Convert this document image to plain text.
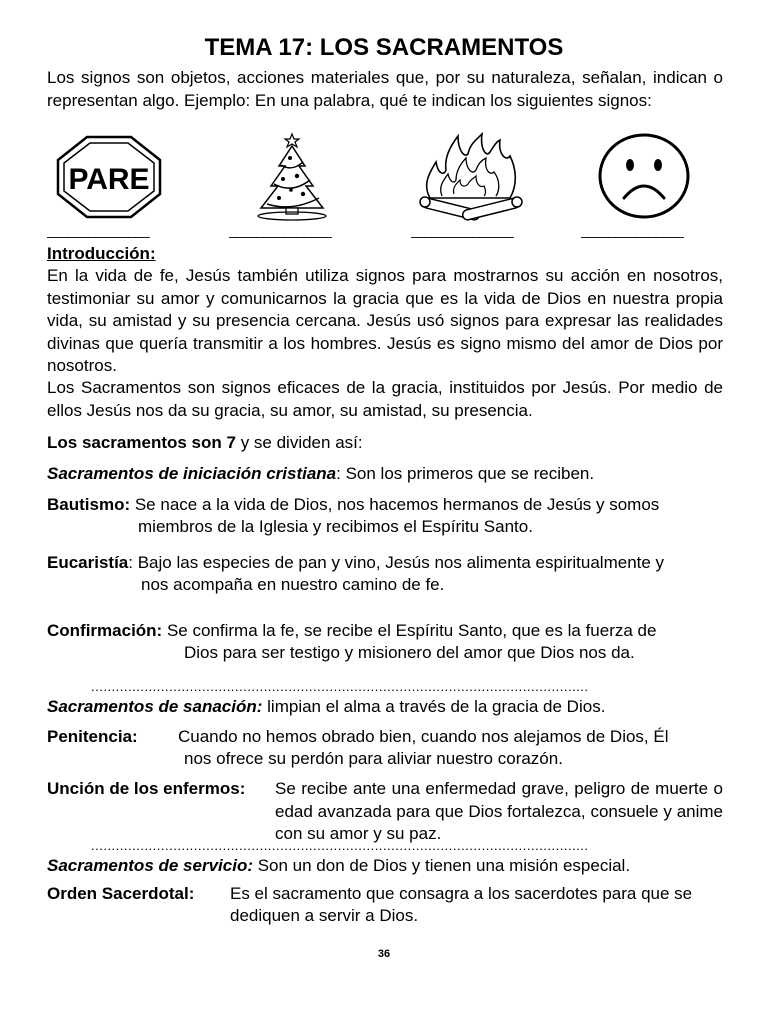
TEMA 17: LOS SACRAMENTOS
Los signos son objetos, acciones materiales que, por su naturaleza, señalan, indican o representan algo. Ejemplo: En una palabra, qué te indican los siguientes signos:
PARE
_______________	_______________	_______________	_______________
Introducción:
En la vida de fe, Jesús también utiliza signos para mostrarnos su acción en nosotros, testimoniar su amor y comunicarnos la gracia que es la vida de Dios en nuestra propia vida, su amistad y su presencia cercana. Jesús usó signos para expresar las realidades divinas que quería transmitir a los hombres. Jesús es signo mismo del amor de Dios por nosotros.
Los Sacramentos son signos eficaces de la gracia, instituidos por Jesús. Por medio de ellos Jesús nos da su gracia, su amor, su amistad, su presencia.
Los sacramentos son 7 y se dividen así:
Sacramentos de iniciación cristiana: Son los primeros que se reciben.
Bautismo: Se nace a la vida de Dios, nos hacemos hermanos de Jesús y somos
miembros de la Iglesia y recibimos el Espíritu Santo.
Eucaristía: Bajo las especies de pan y vino, Jesús nos alimenta espiritualmente y
nos acompaña en nuestro camino de fe.
Confirmación: Se confirma la fe, se recibe el Espíritu Santo, que es la fuerza de
Dios para ser testigo y misionero del amor que Dios nos da.
.........................................................................................................................
Sacramentos de sanación: limpian el alma a través de la gracia de Dios.
Penitencia: Cuando no hemos obrado bien, cuando nos alejamos de Dios, Él
nos ofrece su perdón para aliviar nuestro corazón.
Unción de los enfermos: Se recibe ante una enfermedad grave, peligro de muerte o edad avanzada para que Dios fortalezca, consuele y anime con su amor y su paz.
.........................................................................................................................
Sacramentos de servicio: Son un don de Dios y tienen una misión especial.
Orden Sacerdotal: Es el sacramento que consagra a los sacerdotes para que se
dediquen a servir a Dios.
36
